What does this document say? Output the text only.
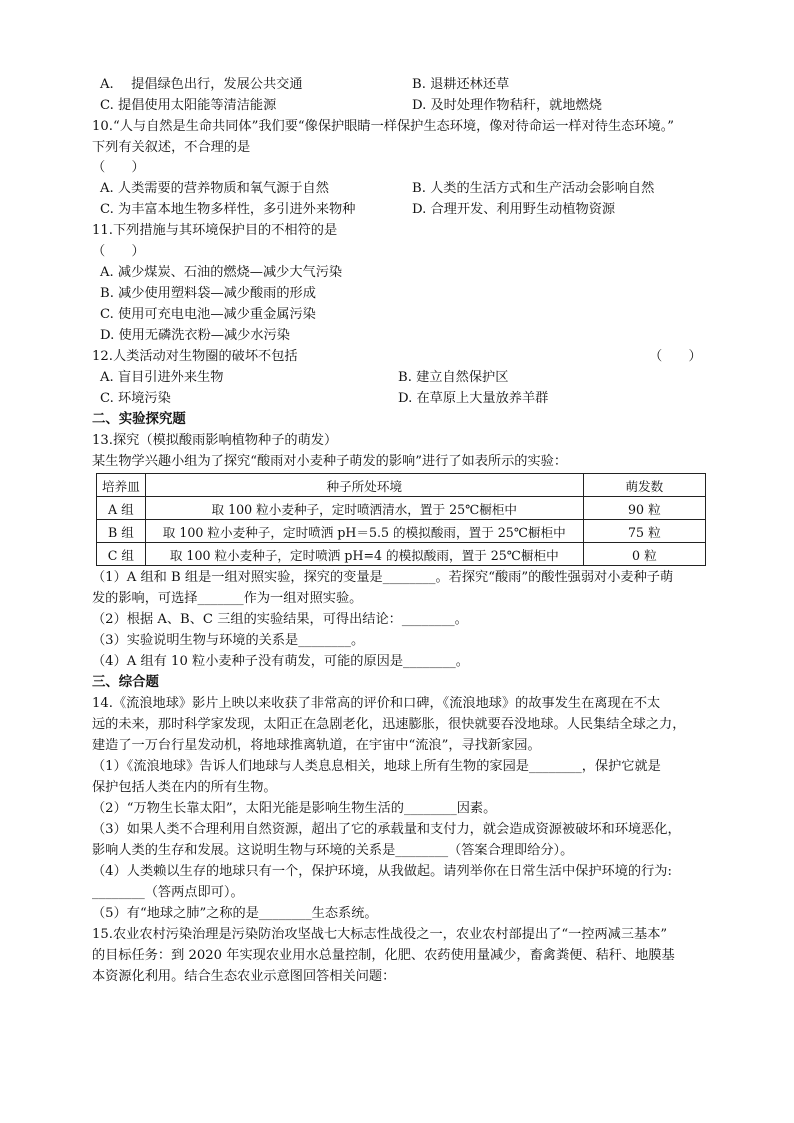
A.　 提倡绿色出行，发展公共交通	B. 退耕还林还草
C. 提倡使用太阳能等清洁能源	D. 及时处理作物秸秆，就地燃烧
10.“人与自然是生命共同体”我们要“像保护眼睛一样保护生态环境，像对待命运一样对待生态环境。”
下列有关叙述，不合理的是
（　　）
A. 人类需要的营养物质和氧气源于自然	B. 人类的生活方式和生产活动会影响自然
C. 为丰富本地生物多样性，多引进外来物种	D. 合理开发、利用野生动植物资源
11.下列措施与其环境保护目的不相符的是
（　　）
A. 减少煤炭、石油的燃烧—减少大气污染
B. 减少使用塑料袋—减少酸雨的形成
C. 使用可充电电池—减少重金属污染
D. 使用无磷洗衣粉—减少水污染
12.人类活动对生物圈的破坏不包括	（　　）
A. 盲目引进外来生物	B. 建立自然保护区
C. 环境污染	D. 在草原上大量放养羊群
二、实验探究题
13.探究（模拟酸雨影响植物种子的萌发）
某生物学兴趣小组为了探究“酸雨对小麦种子萌发的影响”进行了如表所示的实验：
培养皿	种子所处环境	萌发数
A 组	取 100 粒小麦种子，定时喷洒清水，置于 25℃橱柜中	90 粒
B 组	取 100 粒小麦种子，定时喷洒 pH＝5.5 的模拟酸雨，置于 25℃橱柜中	75 粒
C 组	取 100 粒小麦种子，定时喷洒 pH=4 的模拟酸雨，置于 25℃橱柜中	0 粒
（1）A 组和 B 组是一组对照实验，探究的变量是________。若探究“酸雨”的酸性强弱对小麦种子萌
发的影响，可选择_______作为一组对照实验。
（2）根据 A、B、C 三组的实验结果，可得出结论：________。
（3）实验说明生物与环境的关系是________。
（4）A 组有 10 粒小麦种子没有萌发，可能的原因是________。
三、综合题
14.《流浪地球》影片上映以来收获了非常高的评价和口碑，《流浪地球》的故事发生在离现在不太
远的未来，那时科学家发现，太阳正在急剧老化，迅速膨胀，很快就要吞没地球。人民集结全球之力，
建造了一万台行星发动机，将地球推离轨道，在宇宙中“流浪”，寻找新家园。
（1）《流浪地球》告诉人们地球与人类息息相关，地球上所有生物的家园是________，保护它就是
保护包括人类在内的所有生物。
（2）“万物生长靠太阳”，太阳光能是影响生物生活的________因素。
（3）如果人类不合理利用自然资源，超出了它的承载量和支付力，就会造成资源被破坏和环境恶化，
影响人类的生存和发展。这说明生物与环境的关系是________（答案合理即给分）。
（4）人类赖以生存的地球只有一个，保护环境，从我做起。请列举你在日常生活中保护环境的行为:
________（答两点即可）。
（5）有“地球之肺”之称的是________生态系统。
15.农业农村污染治理是污染防治攻坚战七大标志性战役之一，农业农村部提出了“一控两减三基本”
的目标任务：到 2020 年实现农业用水总量控制，化肥、农药使用量减少，畜禽粪便、秸秆、地膜基
本资源化利用。结合生态农业示意图回答相关问题：
